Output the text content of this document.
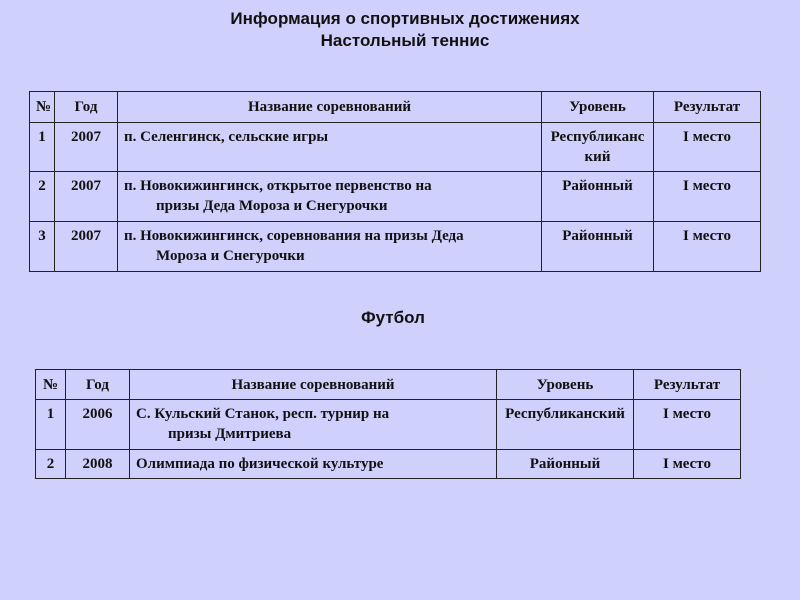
Информация о спортивных достижениях
Настольный теннис
№	Год	Название соревнований	Уровень	Результат
1	2007	п. Селенгинск, сельские игры	Республиканский	I место
2	2007	п. Новокижингинск, открытое первенство на
призы Деда Мороза и Снегурочки	Районный	I место
3	2007	п. Новокижингинск, соревнования на призы Деда
Мороза и Снегурочки	Районный	I место
Футбол
№	Год	Название соревнований	Уровень	Результат
1	2006	С. Кульский Станок, респ. турнир на
призы Дмитриева	Республиканский	I место
2	2008	Олимпиада по физической культуре	Районный	I место
